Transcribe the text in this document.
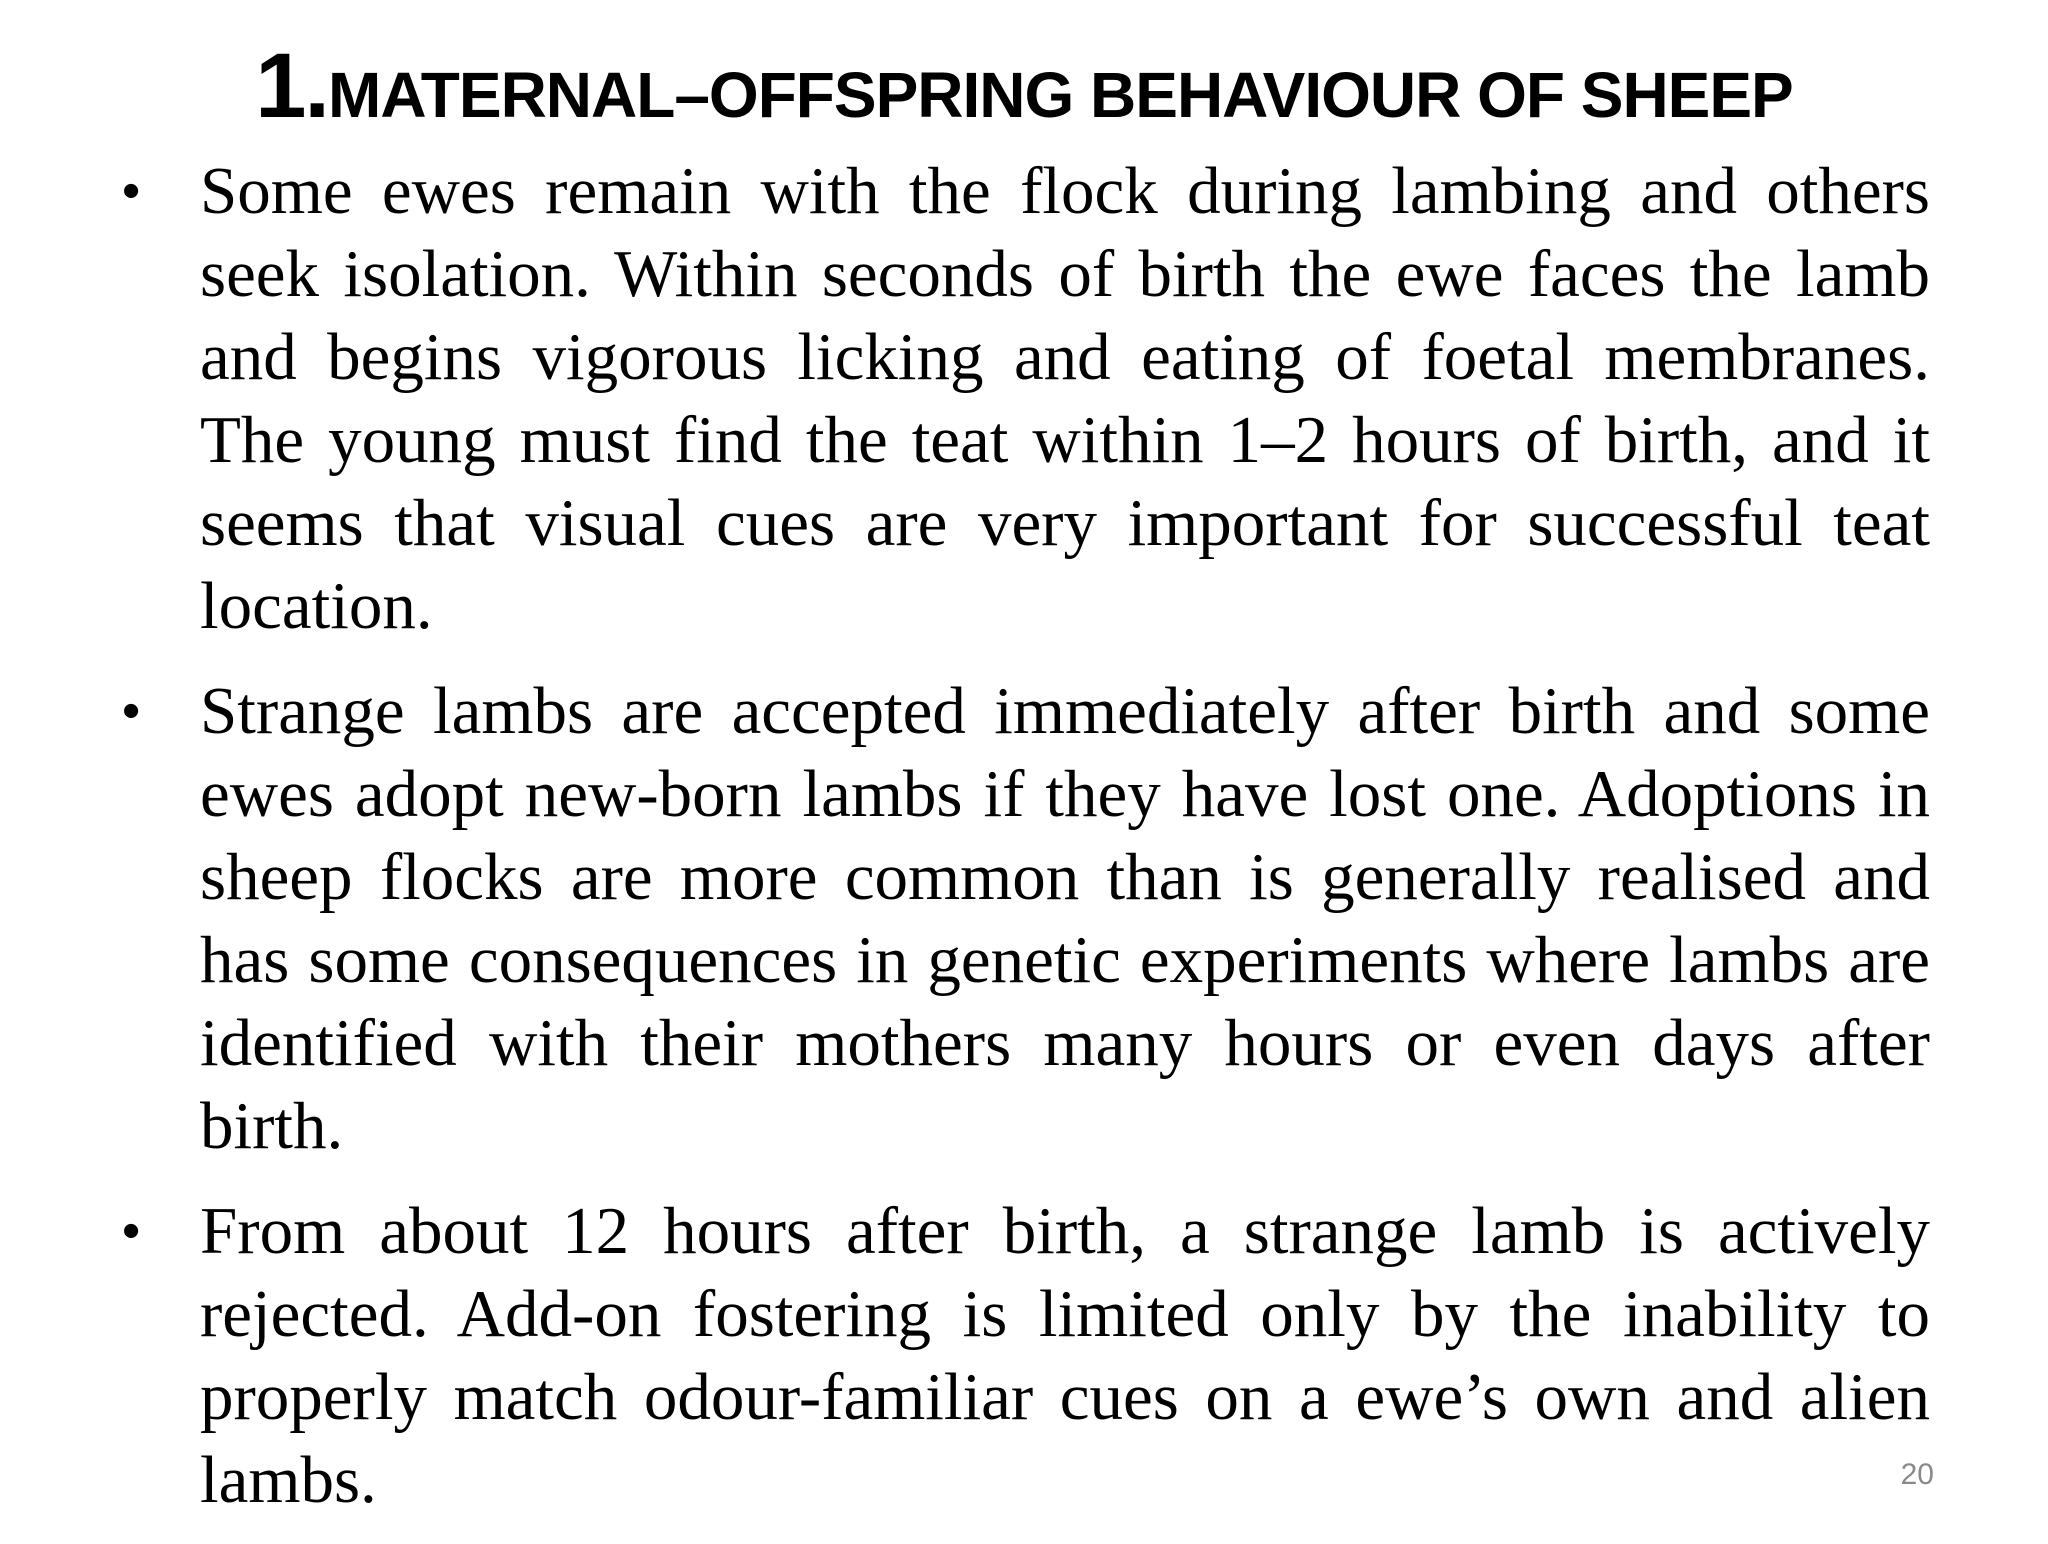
1.MATERNAL–OFFSPRING BEHAVIOUR OF SHEEP
• Some ewes remain with the flock during lambing and others seek isolation. Within seconds of birth the ewe faces the lamb and begins vigorous licking and eating of foetal membranes. The young must find the teat within 1–2 hours of birth, and it seems that visual cues are very important for successful teat location.
• Strange lambs are accepted immediately after birth and some ewes adopt new-born lambs if they have lost one. Adoptions in sheep flocks are more common than is generally realised and has some consequences in genetic experiments where lambs are identified with their mothers many hours or even days after birth.
• From about 12 hours after birth, a strange lamb is actively rejected. Add-on fostering is limited only by the inability to properly match odour-familiar cues on a ewe’s own and alien lambs.	20
